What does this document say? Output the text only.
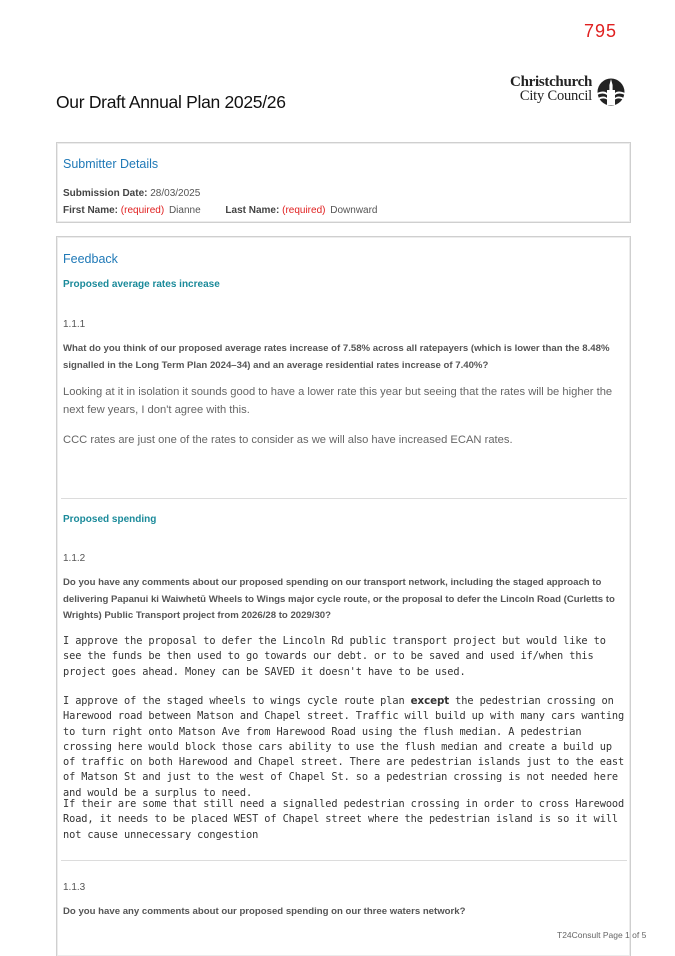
795
Our Draft Annual Plan 2025/26
Christchurch
City Council
Submitter Details
Submission Date: 28/03/2025
First Name: (required) Dianne Last Name: (required) Downward
Feedback
Proposed average rates increase
1.1.1
What do you think of our proposed average rates increase of 7.58% across all ratepayers (which is lower than the 8.48% signalled in the Long Term Plan 2024–34) and an average residential rates increase of 7.40%?
Looking at it in isolation it sounds good to have a lower rate this year but seeing that the rates will be higher the next few years, I don't agree with this.
CCC rates are just one of the rates to consider as we will also have increased ECAN rates.
Proposed spending
1.1.2
Do you have any comments about our proposed spending on our transport network, including the staged approach to delivering Papanui ki Waiwhetū Wheels to Wings major cycle route, or the proposal to defer the Lincoln Road (Curletts to Wrights) Public Transport project from 2026/28 to 2029/30?
I approve the proposal to defer the Lincoln Rd public transport project but would like to see the funds be then used to go towards our debt. or to be saved and used if/when this project goes ahead. Money can be SAVED it doesn't have to be used.
I approve of the staged wheels to wings cycle route plan except the pedestrian crossing on Harewood road between Matson and Chapel street. Traffic will build up with many cars wanting to turn right onto Matson Ave from Harewood Road using the flush median. A pedestrian crossing here would block those cars ability to use the flush median and create a build up of traffic on both Harewood and Chapel street. There are pedestrian islands just to the east of Matson St and just to the west of Chapel St. so a pedestrian crossing is not needed here and would be a surplus to need.
If their are some that still need a signalled pedestrian crossing in order to cross Harewood Road, it needs to be placed WEST of Chapel street where the pedestrian island is so it will not cause unnecessary congestion
1.1.3
Do you have any comments about our proposed spending on our three waters network?
T24Consult Page 1 of 5
